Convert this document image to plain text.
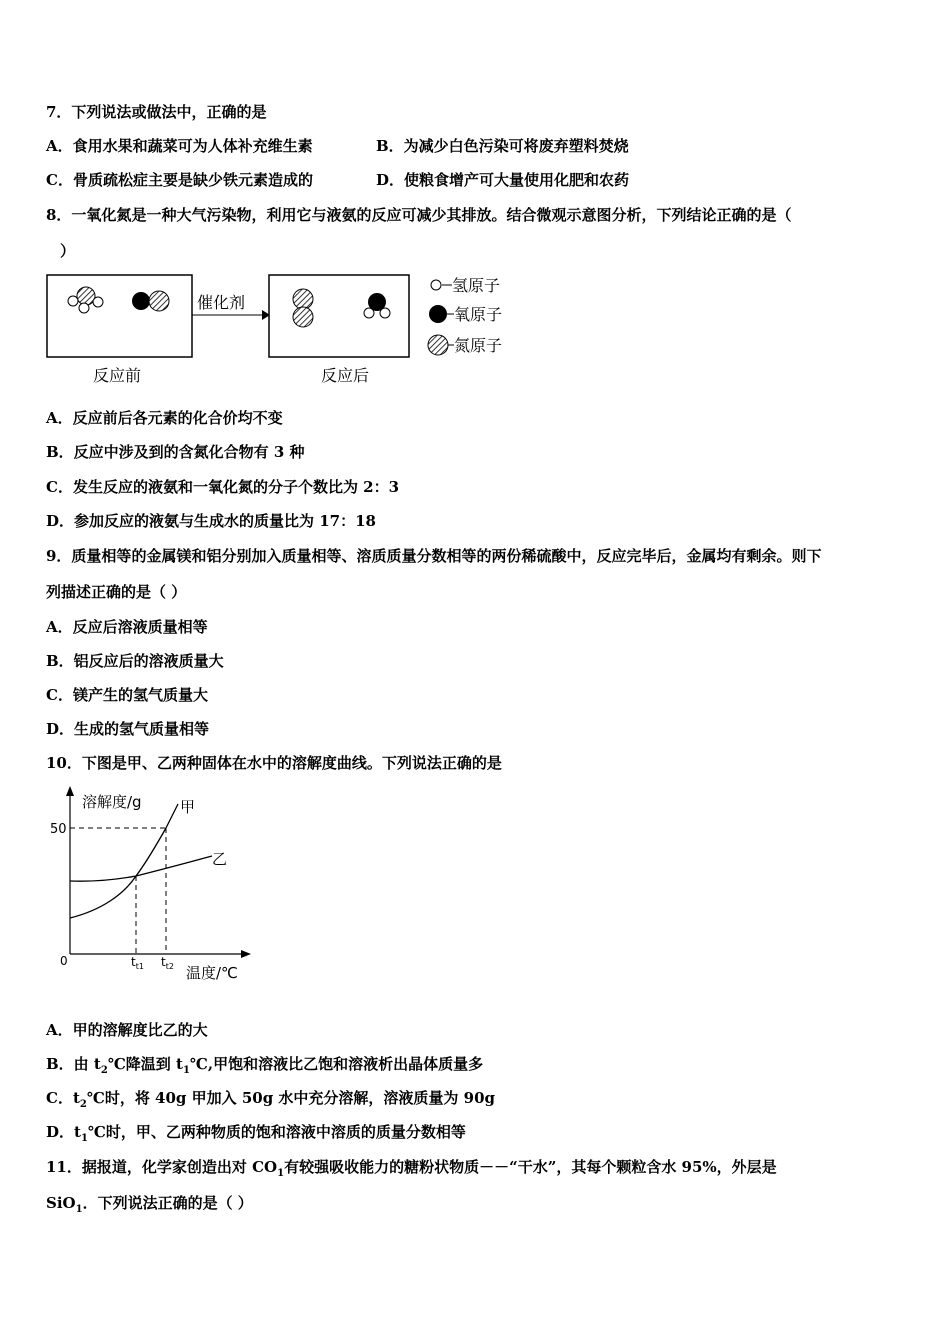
7．下列说法或做法中，正确的是
A．食用水果和蔬菜可为人体补充维生素	B．为减少白色污染可将废弃塑料焚烧
C．骨质疏松症主要是缺少铁元素造成的	D．使粮食增产可大量使用化肥和农药
8．一氧化氮是一种大气污染物，利用它与液氨的反应可减少其排放。结合微观示意图分析，下列结论正确的是（
）
催化剂
反应前	反应后
氢原子
氧原子
氮原子
A．反应前后各元素的化合价均不变
B．反应中涉及到的含氮化合物有 3 种
C．发生反应的液氨和一氧化氮的分子个数比为 2：3
D．参加反应的液氨与生成水的质量比为 17：18
9．质量相等的金属镁和铝分别加入质量相等、溶质质量分数相等的两份稀硫酸中，反应完毕后，金属均有剩余。则下
列描述正确的是（ ）
A．反应后溶液质量相等
B．铝反应后的溶液质量大
C．镁产生的氢气质量大
D．生成的氢气质量相等
10．下图是甲、乙两种固体在水中的溶解度曲线。下列说法正确的是
溶解度/g
温度/℃
0
50
$t_{t1}$ $t_{t2}$
甲
乙
A．甲的溶解度比乙的大
B．由 $t_2℃$降温到 $t_1℃$,甲饱和溶液比乙饱和溶液析出晶体质量多
C．$t_2℃$时，将 40g 甲加入 50g 水中充分溶解，溶液质量为 90g
D．$t_1℃$时，甲、乙两种物质的饱和溶液中溶质的质量分数相等
11．据报道，化学家创造出对 $CO_1$有较强吸收能力的糖粉状物质－－“干水”，其每个颗粒含水 95%，外层是
SiO$_1$．下列说法正确的是（ ）
